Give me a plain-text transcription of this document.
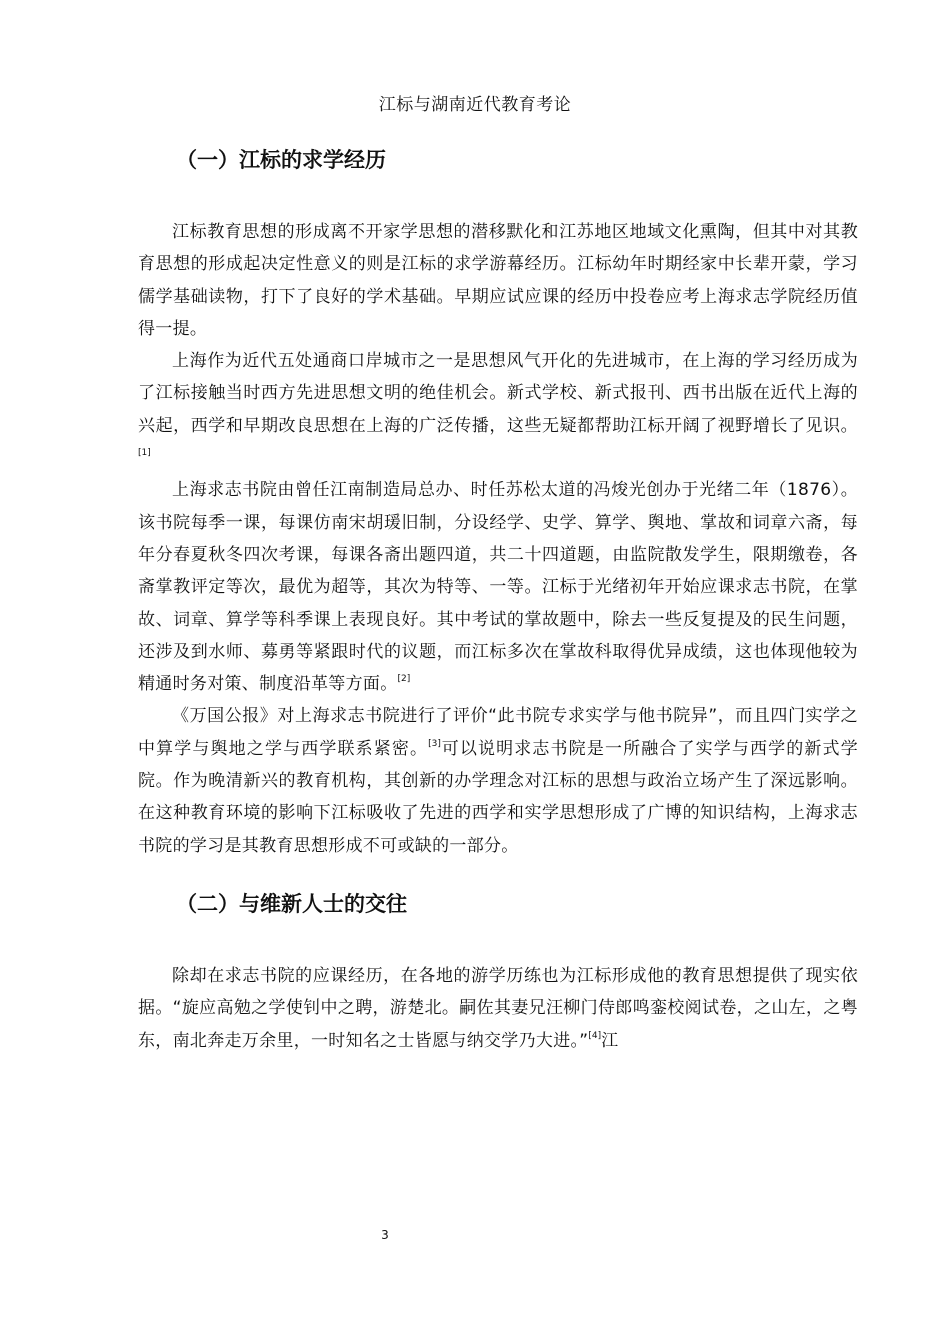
江标与湖南近代教育考论
（一）江标的求学经历

江标教育思想的形成离不开家学思想的潜移默化和江苏地区地域文化熏陶，但其中对其教育思想的形成起决定性意义的则是江标的求学游幕经历。江标幼年时期经家中长辈开蒙，学习儒学基础读物，打下了良好的学术基础。早期应试应课的经历中投卷应考上海求志学院经历值得一提。

上海作为近代五处通商口岸城市之一是思想风气开化的先进城市，在上海的学习经历成为了江标接触当时西方先进思想文明的绝佳机会。新式学校、新式报刊、西书出版在近代上海的兴起，西学和早期改良思想在上海的广泛传播，这些无疑都帮助江标开阔了视野增长了见识。[1]

上海求志书院由曾任江南制造局总办、时任苏松太道的冯焌光创办于光绪二年（1876）。该书院每季一课，每课仿南宋胡瑗旧制，分设经学、史学、算学、舆地、掌故和词章六斋，每年分春夏秋冬四次考课，每课各斋出题四道，共二十四道题，由监院散发学生，限期缴卷，各斋掌教评定等次，最优为超等，其次为特等、一等。江标于光绪初年开始应课求志书院，在掌故、词章、算学等科季课上表现良好。其中考试的掌故题中，除去一些反复提及的民生问题，还涉及到水师、募勇等紧跟时代的议题，而江标多次在掌故科取得优异成绩，这也体现他较为精通时务对策、制度沿革等方面。[2]

《万国公报》对上海求志书院进行了评价“此书院专求实学与他书院异”，而且四门实学之中算学与舆地之学与西学联系紧密。[3]可以说明求志书院是一所融合了实学与西学的新式学院。作为晚清新兴的教育机构，其创新的办学理念对江标的思想与政治立场产生了深远影响。在这种教育环境的影响下江标吸收了先进的西学和实学思想形成了广博的知识结构，上海求志书院的学习是其教育思想形成不可或缺的一部分。

（二）与维新人士的交往

除却在求志书院的应课经历，在各地的游学历练也为江标形成他的教育思想提供了现实依据。“旋应高勉之学使钊中之聘，游楚北。嗣佐其妻兄汪柳门侍郎鸣銮校阅试卷，之山左，之粤东，南北奔走万余里，一时知名之士皆愿与纳交学乃大进。”[4]江

3
